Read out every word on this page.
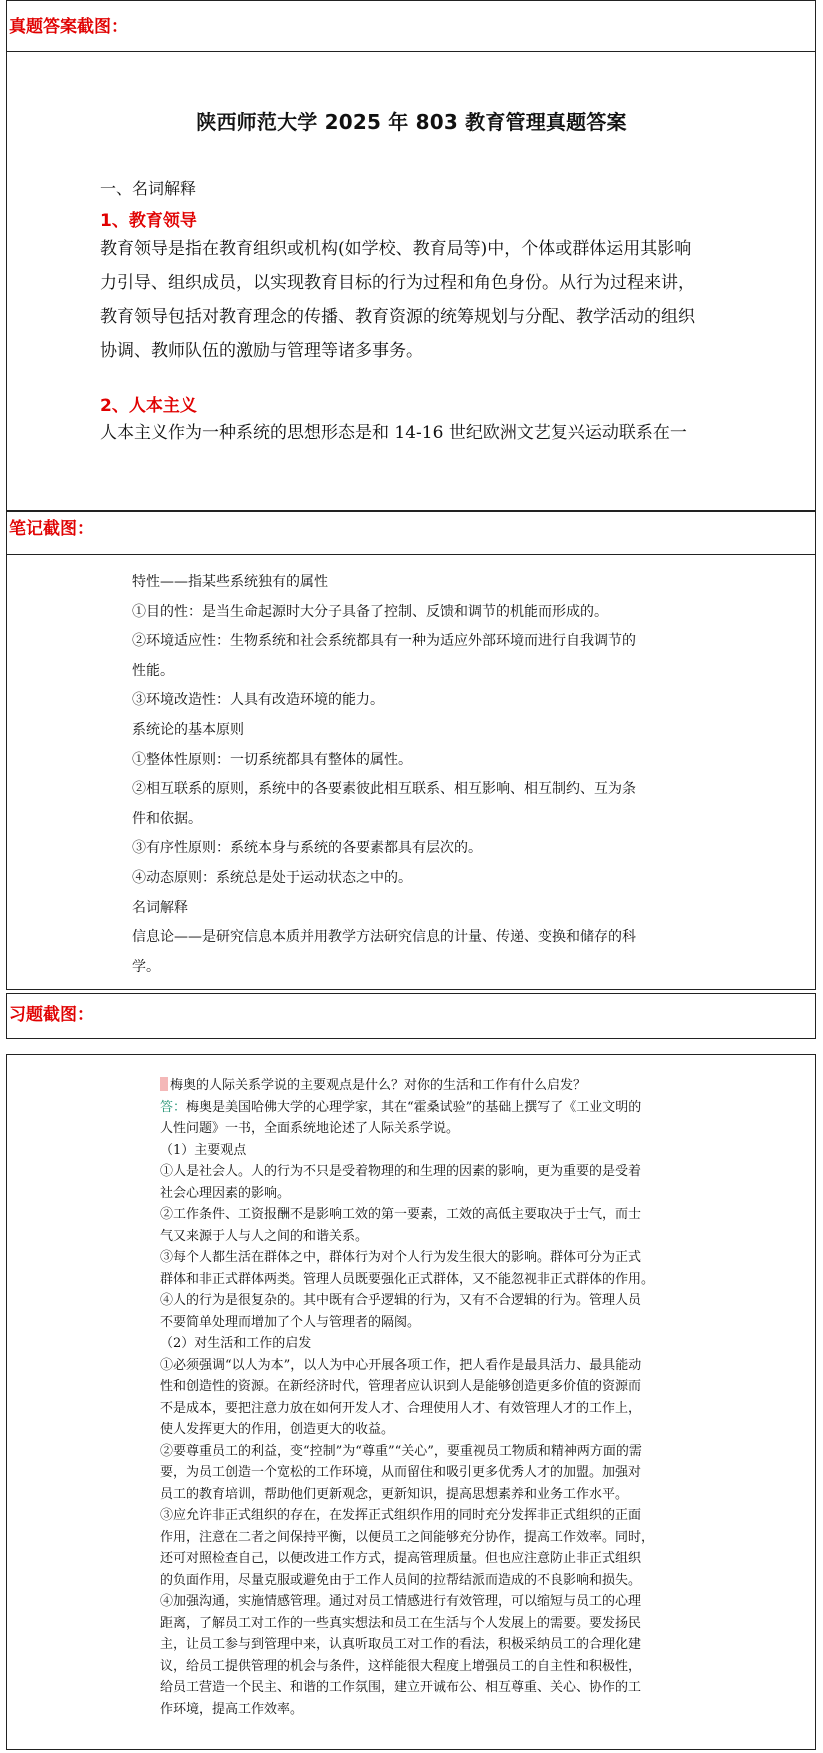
真题答案截图：
陕西师范大学 2025 年 803 教育管理真题答案
一、名词解释
1、教育领导
教育领导是指在教育组织或机构(如学校、教育局等)中，个体或群体运用其影响
力引导、组织成员，以实现教育目标的行为过程和角色身份。从行为过程来讲，
教育领导包括对教育理念的传播、教育资源的统筹规划与分配、教学活动的组织
协调、教师队伍的激励与管理等诸多事务。
2、人本主义
人本主义作为一种系统的思想形态是和 14-16 世纪欧洲文艺复兴运动联系在一
笔记截图：
特性——指某些系统独有的属性
①目的性：是当生命起源时大分子具备了控制、反馈和调节的机能而形成的。
②环境适应性：生物系统和社会系统都具有一种为适应外部环境而进行自我调节的
性能。
③环境改造性：人具有改造环境的能力。
系统论的基本原则
①整体性原则：一切系统都具有整体的属性。
②相互联系的原则，系统中的各要素彼此相互联系、相互影响、相互制约、互为条
件和依据。
③有序性原则：系统本身与系统的各要素都具有层次的。
④动态原则：系统总是处于运动状态之中的。
名词解释
信息论——是研究信息本质并用教学方法研究信息的计量、传递、变换和储存的科
学。
习题截图：
梅奥的人际关系学说的主要观点是什么？对你的生活和工作有什么启发？
答：梅奥是美国哈佛大学的心理学家，其在“霍桑试验”的基础上撰写了《工业文明的
人性问题》一书，全面系统地论述了人际关系学说。
（1）主要观点
①人是社会人。人的行为不只是受着物理的和生理的因素的影响，更为重要的是受着
社会心理因素的影响。
②工作条件、工资报酬不是影响工效的第一要素，工效的高低主要取决于士气，而士
气又来源于人与人之间的和谐关系。
③每个人都生活在群体之中，群体行为对个人行为发生很大的影响。群体可分为正式
群体和非正式群体两类。管理人员既要强化正式群体，又不能忽视非正式群体的作用。
④人的行为是很复杂的。其中既有合乎逻辑的行为，又有不合逻辑的行为。管理人员
不要简单处理而增加了个人与管理者的隔阂。
（2）对生活和工作的启发
①必须强调“以人为本”，以人为中心开展各项工作，把人看作是最具活力、最具能动
性和创造性的资源。在新经济时代，管理者应认识到人是能够创造更多价值的资源而
不是成本，要把注意力放在如何开发人才、合理使用人才、有效管理人才的工作上，
使人发挥更大的作用，创造更大的收益。
②要尊重员工的利益，变“控制”为“尊重”“关心”，要重视员工物质和精神两方面的需
要，为员工创造一个宽松的工作环境，从而留住和吸引更多优秀人才的加盟。加强对
员工的教育培训，帮助他们更新观念，更新知识，提高思想素养和业务工作水平。
③应允许非正式组织的存在，在发挥正式组织作用的同时充分发挥非正式组织的正面
作用，注意在二者之间保持平衡，以便员工之间能够充分协作，提高工作效率。同时，
还可对照检查自己，以便改进工作方式，提高管理质量。但也应注意防止非正式组织
的负面作用，尽量克服或避免由于工作人员间的拉帮结派而造成的不良影响和损失。
④加强沟通，实施情感管理。通过对员工情感进行有效管理，可以缩短与员工的心理
距离，了解员工对工作的一些真实想法和员工在生活与个人发展上的需要。要发扬民
主，让员工参与到管理中来，认真听取员工对工作的看法，积极采纳员工的合理化建
议，给员工提供管理的机会与条件，这样能很大程度上增强员工的自主性和积极性，
给员工营造一个民主、和谐的工作氛围，建立开诚布公、相互尊重、关心、协作的工
作环境，提高工作效率。
